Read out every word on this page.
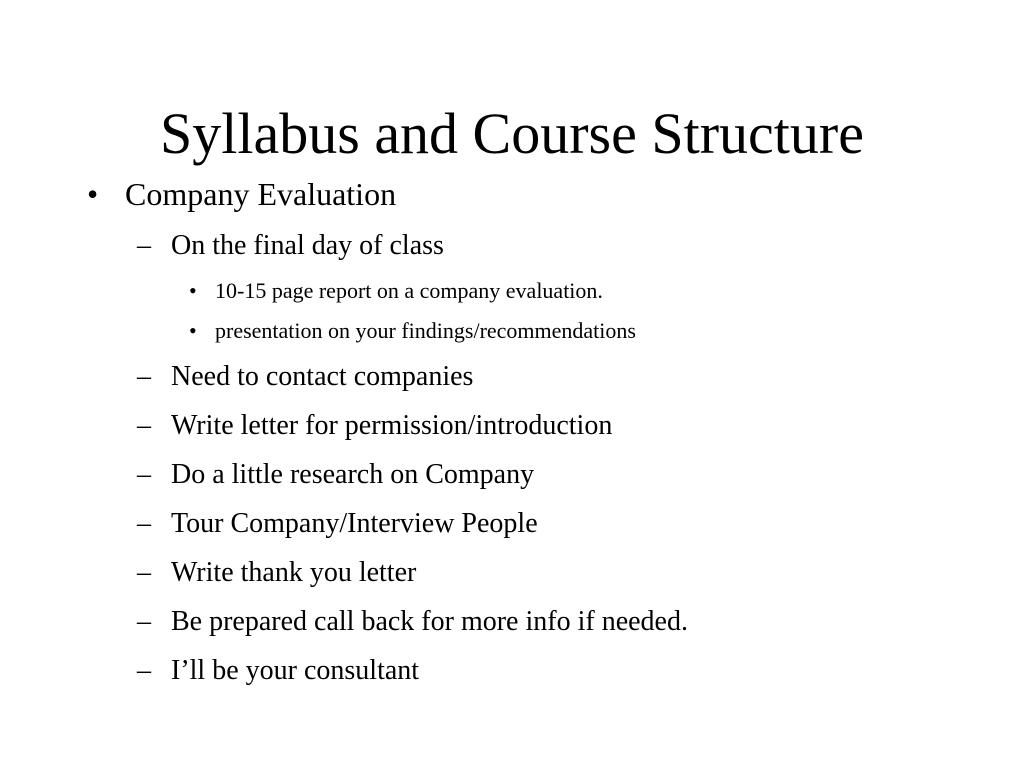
Syllabus and Course Structure
• Company Evaluation
– On the final day of class
• 10-15 page report on a company evaluation.
• presentation on your findings/recommendations
– Need to contact companies
– Write letter for permission/introduction
– Do a little research on Company
– Tour Company/Interview People
– Write thank you letter
– Be prepared call back for more info if needed.
– I’ll be your consultant
